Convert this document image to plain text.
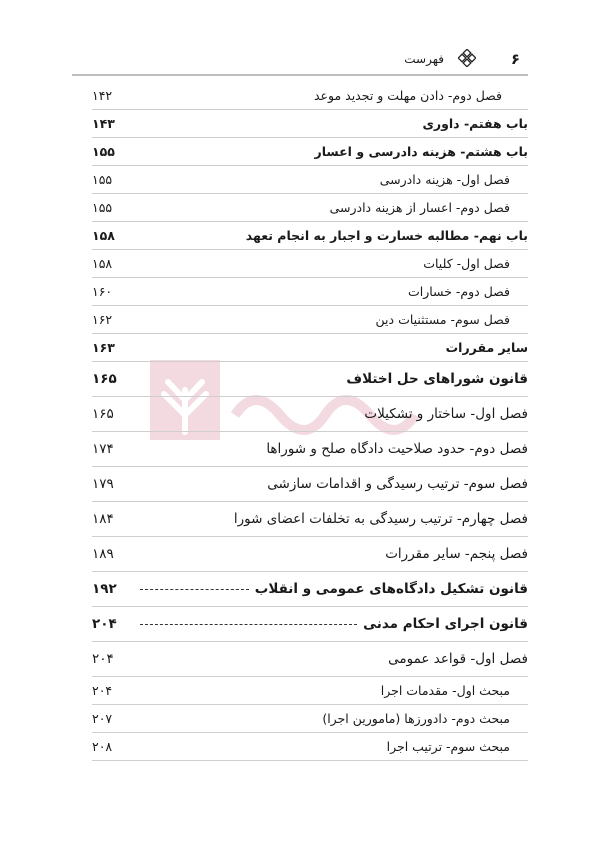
۶
فهرست
فصل دوم- دادن مهلت و تجدید موعد
۱۴۲
باب هفتم- داوری
۱۴۳
باب هشتم- هزینه دادرسی و اعسار
۱۵۵
فصل اول- هزینه دادرسی
۱۵۵
فصل دوم- اعسار از هزینه دادرسی
۱۵۵
باب نهم- مطالبه خسارت و اجبار به انجام تعهد
۱۵۸
فصل اول- کلیات
۱۵۸
فصل دوم- خسارات
۱۶۰
فصل سوم- مستثنیات دین
۱۶۲
سایر مقررات
۱۶۳
قانون شوراهای حل اختلاف
۱۶۵
فصل اول- ساختار و تشکیلات
۱۶۵
فصل دوم- حدود صلاحیت دادگاه صلح و شوراها
۱۷۴
فصل سوم- ترتیب رسیدگی و اقدامات سازشی
۱۷۹
فصل چهارم- ترتیب رسیدگی به تخلفات اعضای شورا
۱۸۴
فصل پنجم- سایر مقررات
۱۸۹
قانون تشکیل دادگاه‌های عمومی و انقلاب
۱۹۲
قانون اجرای احکام مدنی
۲۰۴
فصل اول- قواعد عمومی
۲۰۴
مبحث اول- مقدمات اجرا
۲۰۴
مبحث دوم- دادورزها (مامورین اجرا)
۲۰۷
مبحث سوم- ترتیب اجرا
۲۰۸
